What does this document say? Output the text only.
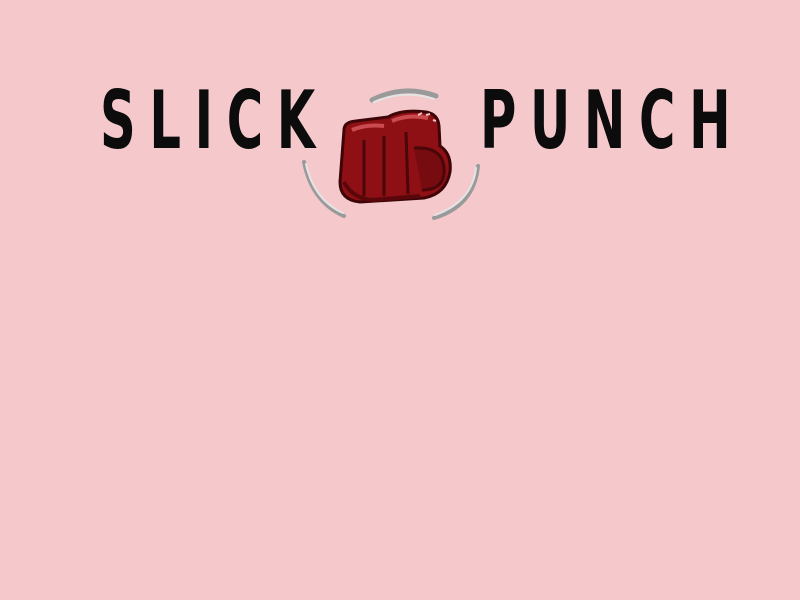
SLICK PUNCH
